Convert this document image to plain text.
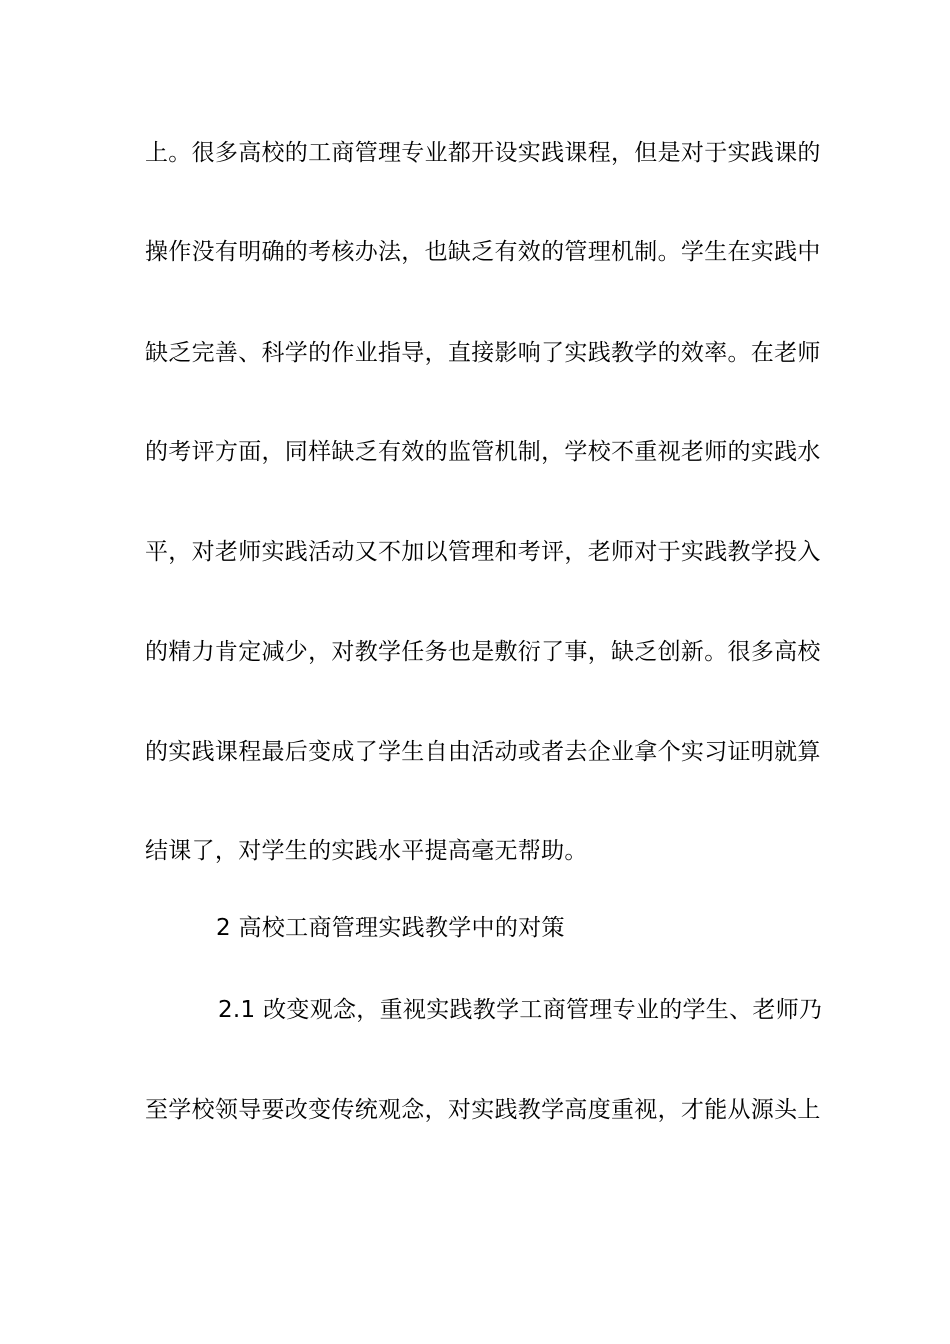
上。很多高校的工商管理专业都开设实践课程，但是对于实践课的
操作没有明确的考核办法，也缺乏有效的管理机制。学生在实践中
缺乏完善、科学的作业指导，直接影响了实践教学的效率。在老师
的考评方面，同样缺乏有效的监管机制，学校不重视老师的实践水
平，对老师实践活动又不加以管理和考评，老师对于实践教学投入
的精力肯定减少，对教学任务也是敷衍了事，缺乏创新。很多高校
的实践课程最后变成了学生自由活动或者去企业拿个实习证明就算
结课了，对学生的实践水平提高毫无帮助。
2 高校工商管理实践教学中的对策
2.1 改变观念，重视实践教学工商管理专业的学生、老师乃
至学校领导要改变传统观念，对实践教学高度重视，才能从源头上
